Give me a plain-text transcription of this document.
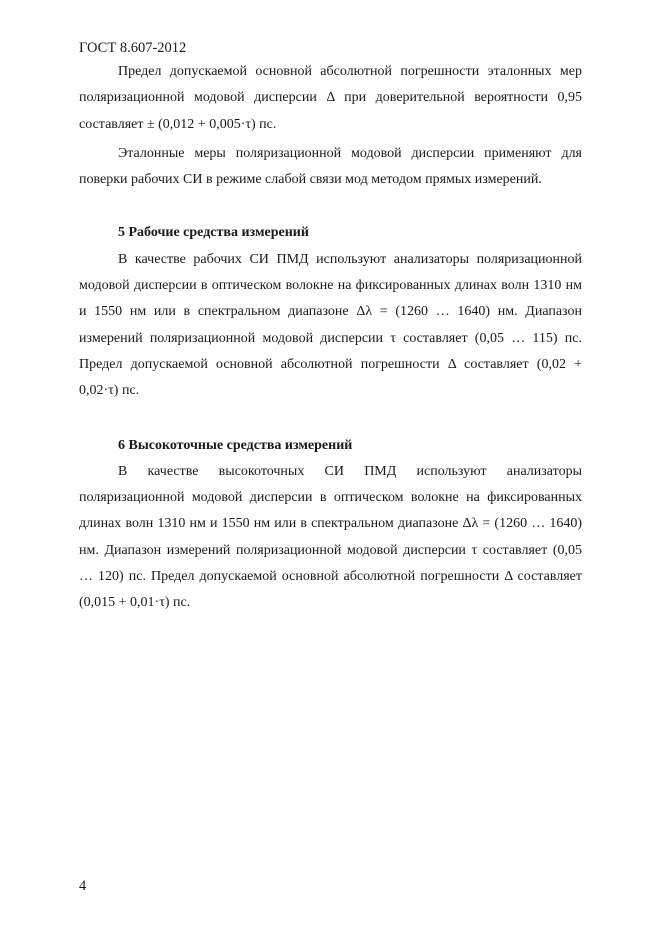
ГОСТ 8.607-2012

Предел допускаемой основной абсолютной погрешности эталонных мер поляризационной модовой дисперсии Δ при доверительной вероятности 0,95 составляет ± (0,012 + 0,005·τ) пс.

Эталонные меры поляризационной модовой дисперсии применяют для поверки рабочих СИ в режиме слабой связи мод методом прямых измерений.

5 Рабочие средства измерений

В качестве рабочих СИ ПМД используют анализаторы поляризационной модовой дисперсии в оптическом волокне на фиксированных длинах волн 1310 нм и 1550 нм или в спектральном диапазоне Δλ = (1260 … 1640) нм. Диапазон измерений поляризационной модовой дисперсии τ составляет (0,05 … 115) пс. Предел допускаемой основной абсолютной погрешности Δ составляет (0,02 + 0,02·τ) пс.

6 Высокоточные средства измерений

В качестве высокоточных СИ ПМД используют анализаторы поляризационной модовой дисперсии в оптическом волокне на фиксированных длинах волн 1310 нм и 1550 нм или в спектральном диапазоне Δλ = (1260 … 1640) нм. Диапазон измерений поляризационной модовой дисперсии τ составляет (0,05 … 120) пс. Предел допускаемой основной абсолютной погрешности Δ составляет (0,015 + 0,01·τ) пс.

4
